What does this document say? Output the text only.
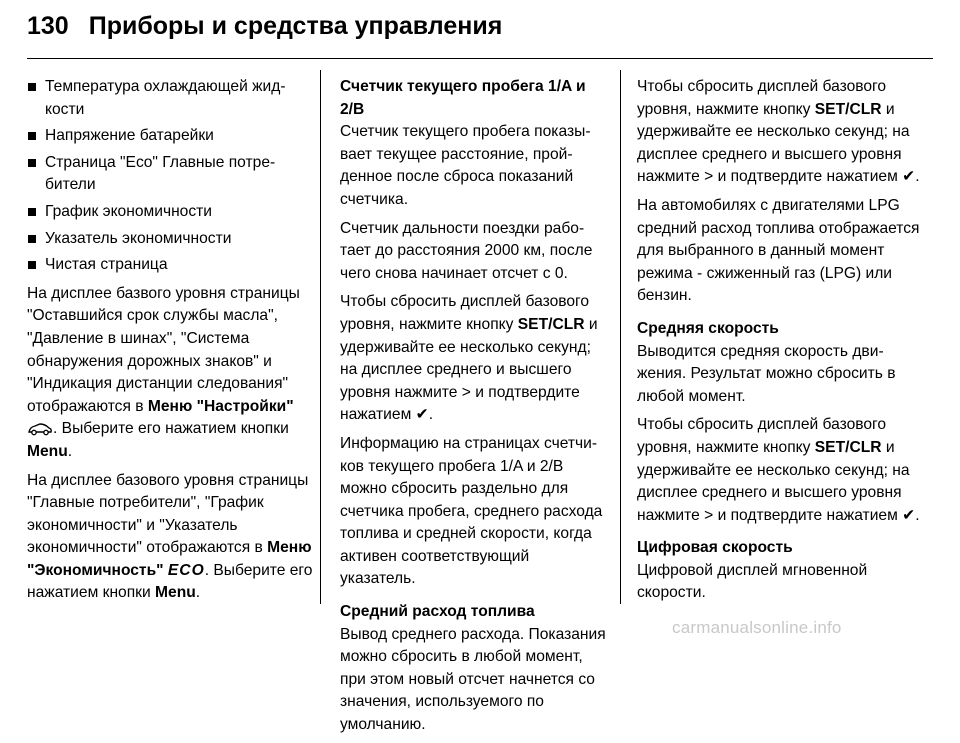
130 Приборы и средства управления
Температура охлаждающей жидкости
Напряжение батарейки
Страница "Eco" Главные потребители
График экономичности
Указатель экономичности
Чистая страница

На дисплее базвого уровня страницы "Оставшийся срок службы масла", "Давление в шинах", "Система обнаружения дорожных знаков" и "Индикация дистанции следования" отображаются в Меню "Настройки" . Выберите его нажатием кнопки Menu.

На дисплее базового уровня страницы "Главные потребители", "График экономичности" и "Указатель экономичности" отображаются в Меню "Экономичность" ECO. Выберите его нажатием кнопки Menu.

Счетчик текущего пробега 1/A и 2/B

Счетчик текущего пробега показывает текущее расстояние, пройденное после сброса показаний счетчика.

Счетчик дальности поездки работает до расстояния 2000 км, после чего снова начинает отсчет с 0.

Чтобы сбросить дисплей базового уровня, нажмите кнопку SET/CLR и удерживайте ее несколько секунд; на дисплее среднего и высшего уровня нажмите > и подтвердите нажатием ✔.

Информацию на страницах счетчиков текущего пробега 1/A и 2/B можно сбросить раздельно для счетчика пробега, среднего расхода топлива и средней скорости, когда активен соответствующий указатель.

Средний расход топлива

Вывод среднего расхода. Показания можно сбросить в любой момент, при этом новый отсчет начнется со значения, используемого по умолчанию.

Чтобы сбросить дисплей базового уровня, нажмите кнопку SET/CLR и удерживайте ее несколько секунд; на дисплее среднего и высшего уровня нажмите > и подтвердите нажатием ✔.

На автомобилях с двигателями LPG средний расход топлива отображается для выбранного в данный момент режима - сжиженный газ (LPG) или бензин.

Средняя скорость

Выводится средняя скорость движения. Результат можно сбросить в любой момент.

Чтобы сбросить дисплей базового уровня, нажмите кнопку SET/CLR и удерживайте ее несколько секунд; на дисплее среднего и высшего уровня нажмите > и подтвердите нажатием ✔.

Цифровая скорость

Цифровой дисплей мгновенной скорости.

carmanualsonline.info
